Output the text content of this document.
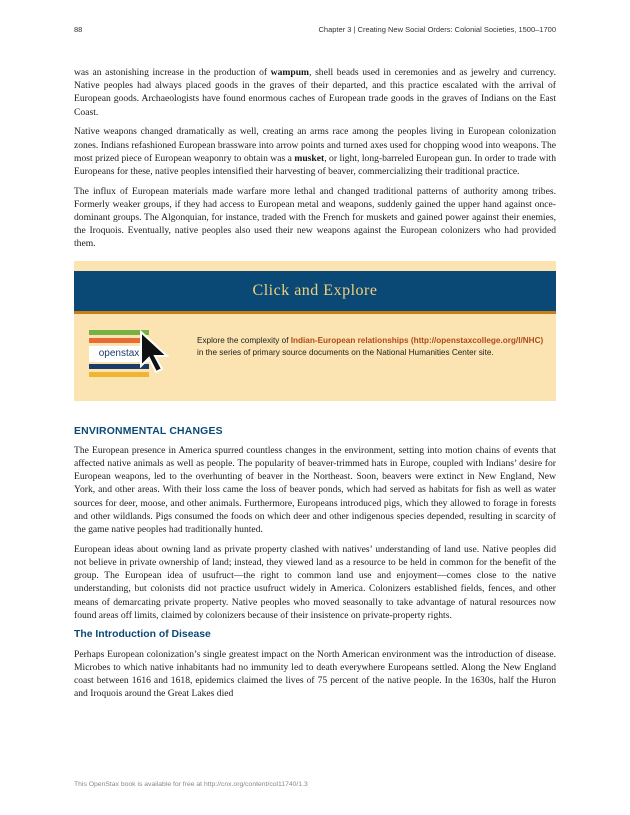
88	Chapter 3 | Creating New Social Orders: Colonial Societies, 1500–1700

was an astonishing increase in the production of wampum, shell beads used in ceremonies and as jewelry and currency. Native peoples had always placed goods in the graves of their departed, and this practice escalated with the arrival of European goods. Archaeologists have found enormous caches of European trade goods in the graves of Indians on the East Coast.

Native weapons changed dramatically as well, creating an arms race among the peoples living in European colonization zones. Indians refashioned European brassware into arrow points and turned axes used for chopping wood into weapons. The most prized piece of European weaponry to obtain was a musket, or light, long-barreled European gun. In order to trade with Europeans for these, native peoples intensified their harvesting of beaver, commercializing their traditional practice.

The influx of European materials made warfare more lethal and changed traditional patterns of authority among tribes. Formerly weaker groups, if they had access to European metal and weapons, suddenly gained the upper hand against once-dominant groups. The Algonquian, for instance, traded with the French for muskets and gained power against their enemies, the Iroquois. Eventually, native peoples also used their new weapons against the European colonizers who had provided them.

Click and Explore
openstax
Explore the complexity of Indian-European relationships (http://openstaxcollege.org/l/NHC) in the series of primary source documents on the National Humanities Center site.
ENVIRONMENTAL CHANGES

The European presence in America spurred countless changes in the environment, setting into motion chains of events that affected native animals as well as people. The popularity of beaver-trimmed hats in Europe, coupled with Indians’ desire for European weapons, led to the overhunting of beaver in the Northeast. Soon, beavers were extinct in New England, New York, and other areas. With their loss came the loss of beaver ponds, which had served as habitats for fish as well as water sources for deer, moose, and other animals. Furthermore, Europeans introduced pigs, which they allowed to forage in forests and other wildlands. Pigs consumed the foods on which deer and other indigenous species depended, resulting in scarcity of the game native peoples had traditionally hunted.

European ideas about owning land as private property clashed with natives’ understanding of land use. Native peoples did not believe in private ownership of land; instead, they viewed land as a resource to be held in common for the benefit of the group. The European idea of usufruct—the right to common land use and enjoyment—comes close to the native understanding, but colonists did not practice usufruct widely in America. Colonizers established fields, fences, and other means of demarcating private property. Native peoples who moved seasonally to take advantage of natural resources now found areas off limits, claimed by colonizers because of their insistence on private-property rights.

The Introduction of Disease

Perhaps European colonization’s single greatest impact on the North American environment was the introduction of disease. Microbes to which native inhabitants had no immunity led to death everywhere Europeans settled. Along the New England coast between 1616 and 1618, epidemics claimed the lives of 75 percent of the native people. In the 1630s, half the Huron and Iroquois around the Great Lakes died

This OpenStax book is available for free at http://cnx.org/content/col11740/1.3
